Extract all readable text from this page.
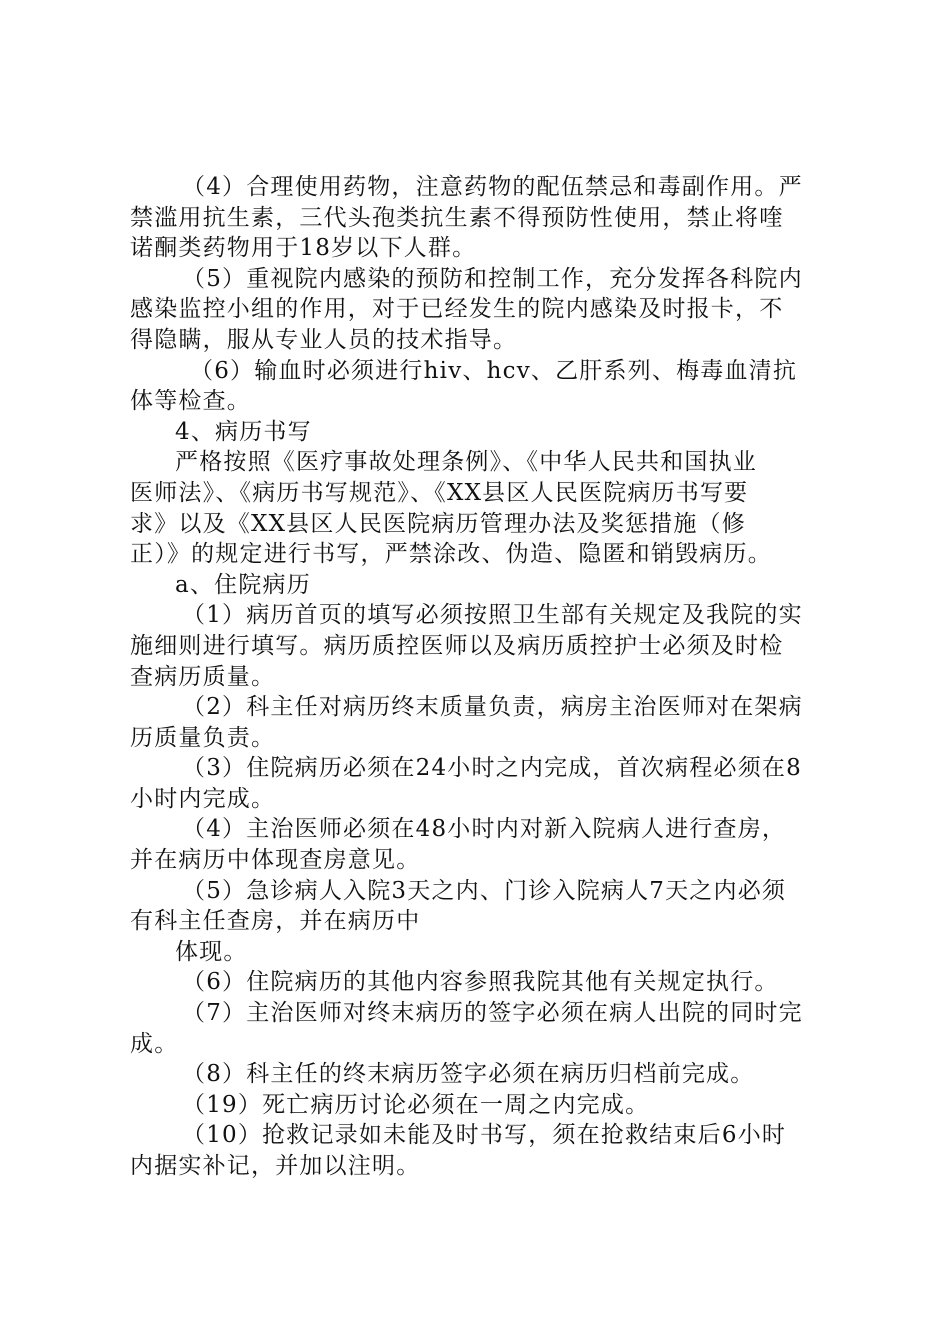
（4）合理使用药物，注意药物的配伍禁忌和毒副作用。严
禁滥用抗生素，三代头孢类抗生素不得预防性使用，禁止将喹
诺酮类药物用于18岁以下人群。
（5）重视院内感染的预防和控制工作，充分发挥各科院内
感染监控小组的作用，对于已经发生的院内感染及时报卡，不
得隐瞒，服从专业人员的技术指导。
（6）输血时必须进行hiv、hcv、乙肝系列、梅毒血清抗
体等检查。
4、病历书写
严格按照《医疗事故处理条例》、《中华人民共和国执业
医师法》、《病历书写规范》、《XX县区人民医院病历书写要
求》以及《XX县区人民医院病历管理办法及奖惩措施（修
正）》的规定进行书写，严禁涂改、伪造、隐匿和销毁病历。
a、住院病历
（1）病历首页的填写必须按照卫生部有关规定及我院的实
施细则进行填写。病历质控医师以及病历质控护士必须及时检
查病历质量。
（2）科主任对病历终末质量负责，病房主治医师对在架病
历质量负责。
（3）住院病历必须在24小时之内完成，首次病程必须在8
小时内完成。
（4）主治医师必须在48小时内对新入院病人进行查房，
并在病历中体现查房意见。
（5）急诊病人入院3天之内、门诊入院病人7天之内必须
有科主任查房，并在病历中
体现。
（6）住院病历的其他内容参照我院其他有关规定执行。
（7）主治医师对终末病历的签字必须在病人出院的同时完
成。
（8）科主任的终末病历签字必须在病历归档前完成。
（19）死亡病历讨论必须在一周之内完成。
（10）抢救记录如未能及时书写，须在抢救结束后6小时
内据实补记，并加以注明。
